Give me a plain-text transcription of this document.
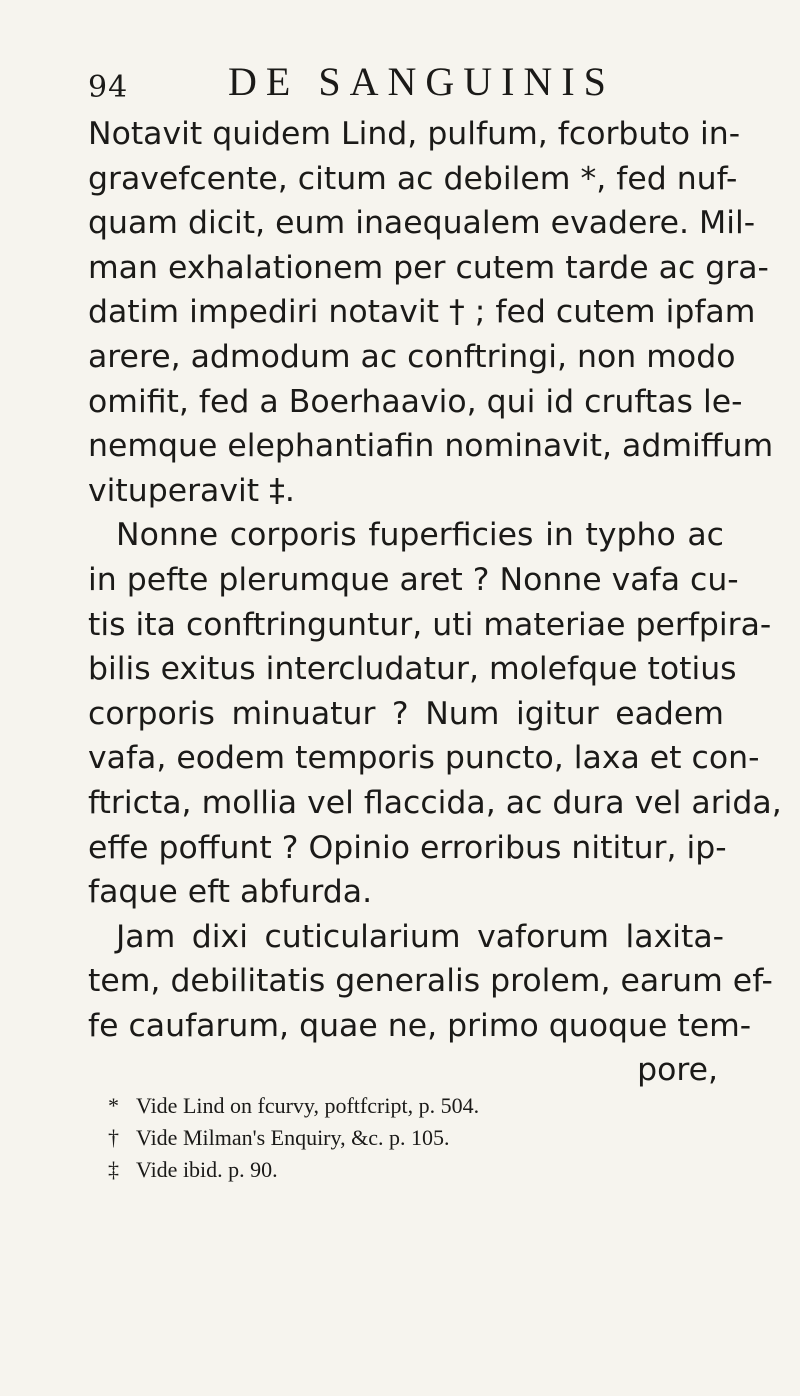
94 DE SANGUINIS
Notavit quidem Lind, pulfum, fcorbuto in-
gravefcente, citum ac debilem *, fed nuf-
quam dicit, eum inaequalem evadere. Mil-
man exhalationem per cutem tarde ac gra-
datim impediri notavit † ; fed cutem ipfam
arere, admodum ac conftringi, non modo
omifit, fed a Boerhaavio, qui id cruftas le-
nemque elephantiafin nominavit, admiffum
vituperavit ‡.
Nonne corporis fuperficies in typho ac
in pefte plerumque aret ? Nonne vafa cu-
tis ita conftringuntur, uti materiae perfpira-
bilis exitus intercludatur, molefque totius
corporis minuatur ? Num igitur eadem
vafa, eodem temporis puncto, laxa et con-
ftricta, mollia vel flaccida, ac dura vel arida,
effe poffunt ? Opinio erroribus nititur, ip-
faque eft abfurda.
Jam dixi cuticularium vaforum laxita-
tem, debilitatis generalis prolem, earum ef-
fe caufarum, quae ne, primo quoque tem-
pore,
* Vide Lind on fcurvy, poftfcript, p. 504.
† Vide Milman's Enquiry, &c. p. 105.
‡ Vide ibid. p. 90.
